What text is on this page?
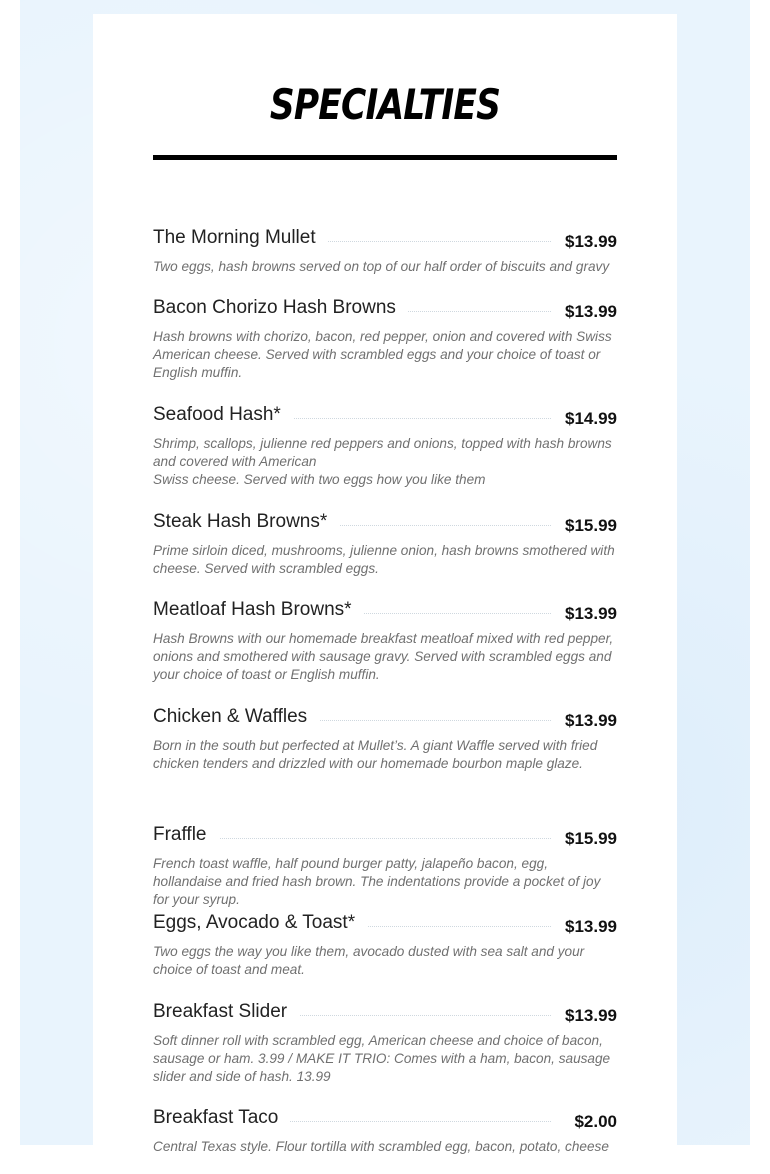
SPECIALTIES
The Morning Mullet	$13.99
Two eggs, hash browns served on top of our half order of biscuits and gravy
Bacon Chorizo Hash Browns	$13.99
Hash browns with chorizo, bacon, red pepper, onion and covered with Swiss American cheese. Served with scrambled eggs and your choice of toast or English muffin.
Seafood Hash*	$14.99
Shrimp, scallops, julienne red peppers and onions, topped with hash browns and covered with American
Swiss cheese. Served with two eggs how you like them
Steak Hash Browns*	$15.99
Prime sirloin diced, mushrooms, julienne onion, hash browns smothered with cheese. Served with scrambled eggs.
Meatloaf Hash Browns*	$13.99
Hash Browns with our homemade breakfast meatloaf mixed with red pepper, onions and smothered with sausage gravy. Served with scrambled eggs and your choice of toast or English muffin.
Chicken & Waffles	$13.99
Born in the south but perfected at Mullet’s. A giant Waffle served with fried chicken tenders and drizzled with our homemade bourbon maple glaze.
Fraffle	$15.99
French toast waffle, half pound burger patty, jalapeño bacon, egg, hollandaise and fried hash brown. The indentations provide a pocket of joy for your syrup.
Eggs, Avocado & Toast*	$13.99
Two eggs the way you like them, avocado dusted with sea salt and your choice of toast and meat.
Breakfast Slider	$13.99
Soft dinner roll with scrambled egg, American cheese and choice of bacon, sausage or ham. 3.99 / MAKE IT TRIO: Comes with a ham, bacon, sausage slider and side of hash. 13.99
Breakfast Taco	$2.00
Central Texas style. Flour tortilla with scrambled egg, bacon, potato, cheese
